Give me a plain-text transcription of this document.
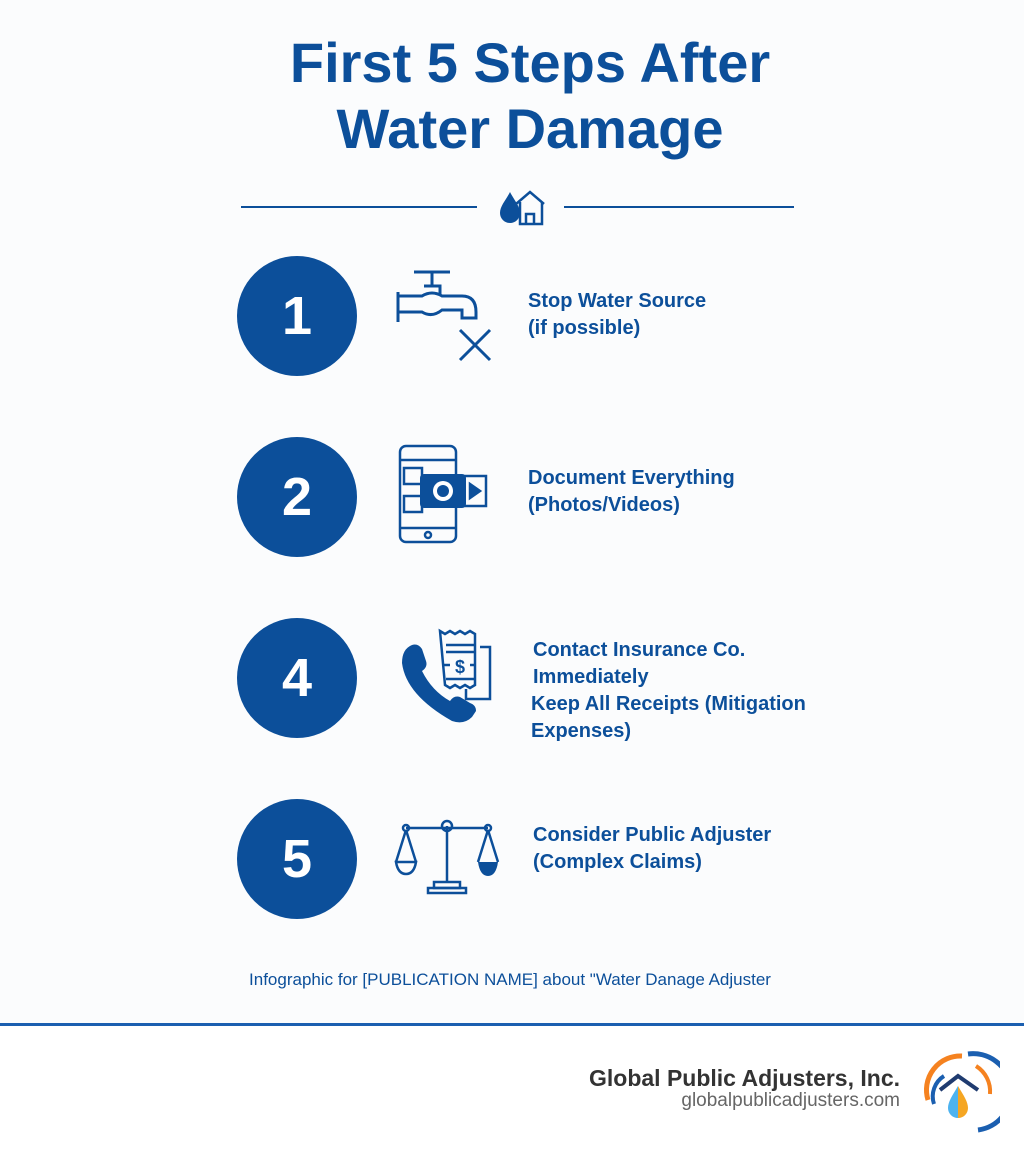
First 5 Steps After
Water Damage
1	Stop Water Source
(if possible)
2	Document Everything
(Photos/Videos)
4	$
Contact Insurance Co.
Immediately
Keep All Receipts (Mitigation
Expenses)
5	Consider Public Adjuster
(Complex Claims)
Infographic for [PUBLICATION NAME] about "Water Danage Adjuster
Global Public Adjusters, Inc.
globalpublicadjusters.com
